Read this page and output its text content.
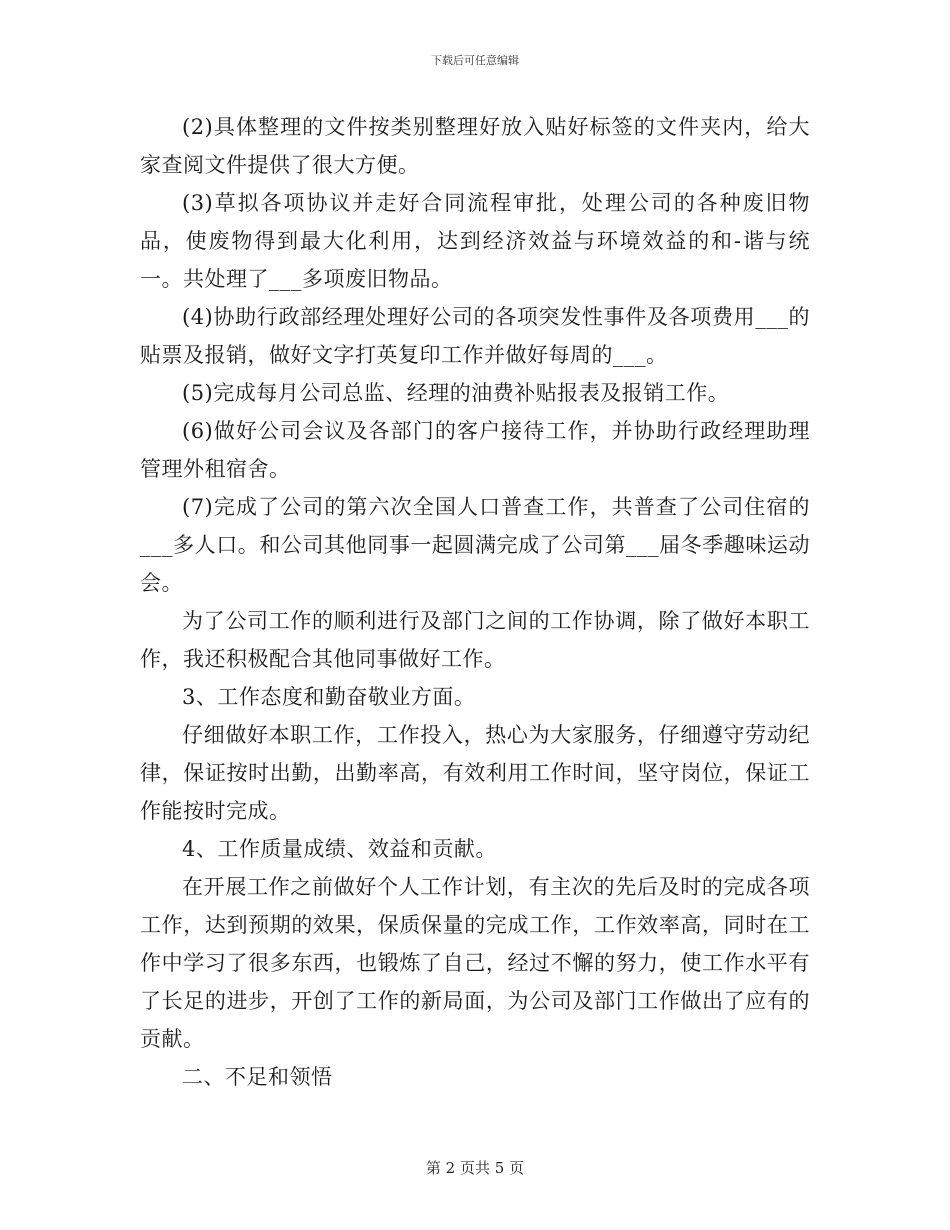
下载后可任意编辑

(2)具体整理的文件按类别整理好放入贴好标签的文件夹内，给大家查阅文件提供了很大方便。

(3)草拟各项协议并走好合同流程审批，处理公司的各种废旧物品，使废物得到最大化利用，达到经济效益与环境效益的和-谐与统一。共处理了___多项废旧物品。

(4)协助行政部经理处理好公司的各项突发性事件及各项费用___的贴票及报销，做好文字打英复印工作并做好每周的___。

(5)完成每月公司总监、经理的油费补贴报表及报销工作。

(6)做好公司会议及各部门的客户接待工作，并协助行政经理助理管理外租宿舍。

(7)完成了公司的第六次全国人口普查工作，共普查了公司住宿的___多人口。和公司其他同事一起圆满完成了公司第___届冬季趣味运动会。

为了公司工作的顺利进行及部门之间的工作协调，除了做好本职工作，我还积极配合其他同事做好工作。

3、工作态度和勤奋敬业方面。

仔细做好本职工作，工作投入，热心为大家服务，仔细遵守劳动纪律，保证按时出勤，出勤率高，有效利用工作时间，坚守岗位，保证工作能按时完成。

4、工作质量成绩、效益和贡献。

在开展工作之前做好个人工作计划，有主次的先后及时的完成各项工作，达到预期的效果，保质保量的完成工作，工作效率高，同时在工作中学习了很多东西，也锻炼了自己，经过不懈的努力，使工作水平有了长足的进步，开创了工作的新局面，为公司及部门工作做出了应有的贡献。

二、不足和领悟

第 2 页共 5 页
